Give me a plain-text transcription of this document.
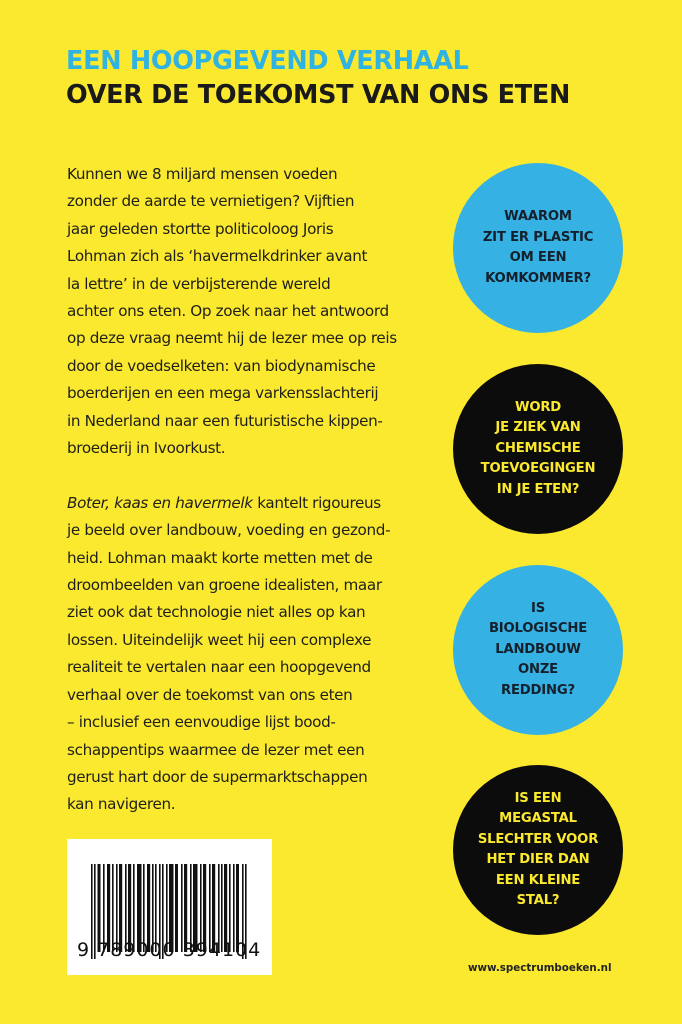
EEN HOOPGEVEND VERHAAL
OVER DE TOEKOMST VAN ONS ETEN

Kunnen we 8 miljard mensen voeden
zonder de aarde te vernietigen? Vijftien
jaar geleden stortte politicoloog Joris
Lohman zich als ‘havermelkdrinker avant
la lettre’ in de verbijsterende wereld
achter ons eten. Op zoek naar het antwoord
op deze vraag neemt hij de lezer mee op reis
door de voedselketen: van biodynamische
boerderijen en een mega varkensslachterij
in Nederland naar een futuristische kippen-
broederij in Ivoorkust.

Boter, kaas en havermelk kantelt rigoureus
je beeld over landbouw, voeding en gezond-
heid. Lohman maakt korte metten met de
droombeelden van groene idealisten, maar
ziet ook dat technologie niet alles op kan
lossen. Uiteindelijk weet hij een complexe
realiteit te vertalen naar een hoopgevend
verhaal over de toekomst van ons eten
– inclusief een eenvoudige lijst bood-
schappentips waarmee de lezer met een
gerust hart door de supermarktschappen
kan navigeren.

WAAROM
ZIT ER PLASTIC
OM EEN
KOMKOMMER?
WORD
JE ZIEK VAN
CHEMISCHE
TOEVOEGINGEN
IN JE ETEN?
IS
BIOLOGISCHE
LANDBOUW
ONZE
REDDING?
IS EEN
MEGASTAL
SLECHTER VOOR
HET DIER DAN
EEN KLEINE
STAL?
9 789000 394104
www.spectrumboeken.nl
